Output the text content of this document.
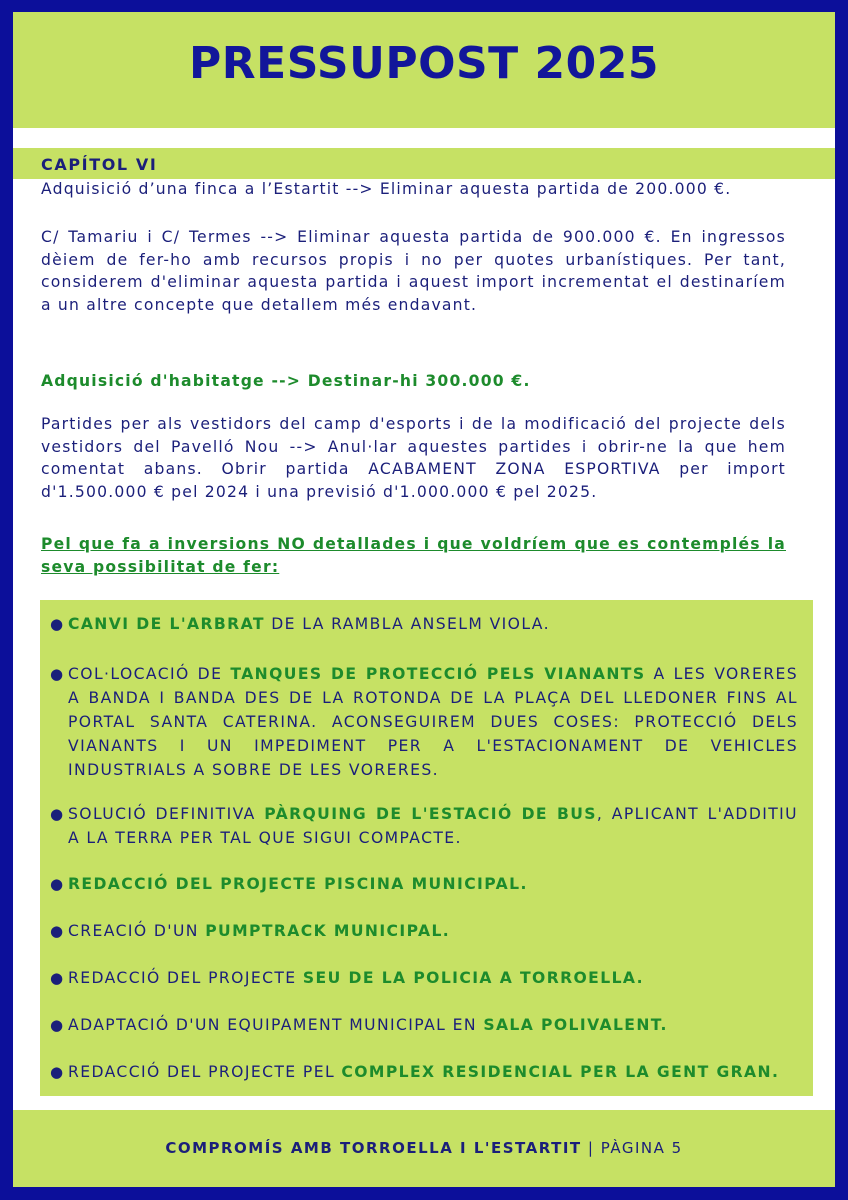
PRESSUPOST 2025
CAPÍTOL VI
Adquisició d’una finca a l’Estartit --> Eliminar aquesta partida de 200.000 €.
C/ Tamariu i C/ Termes --> Eliminar aquesta partida de 900.000 €. En ingressos dèiem de fer-ho amb recursos propis i no per quotes urbanístiques. Per tant, considerem d'eliminar aquesta partida i aquest import incrementat el destinaríem a un altre concepte que detallem més endavant.
Adquisició d'habitatge --> Destinar-hi 300.000 €.
Partides per als vestidors del camp d'esports i de la modificació del projecte dels vestidors del Pavelló Nou --> Anul·lar aquestes partides i obrir-ne la que hem comentat abans. Obrir partida ACABAMENT ZONA ESPORTIVA per import d'1.500.000 € pel 2024 i una previsió d'1.000.000 € pel 2025.
Pel que fa a inversions NO detallades i que voldríem que es contemplés la seva possibilitat de fer:
● CANVI DE L'ARBRAT DE LA RAMBLA ANSELM VIOLA.
● COL·LOCACIÓ DE TANQUES DE PROTECCIÓ PELS VIANANTS A LES VORERES A BANDA I BANDA DES DE LA ROTONDA DE LA PLAÇA DEL LLEDONER FINS AL PORTAL SANTA CATERINA. ACONSEGUIREM DUES COSES: PROTECCIÓ DELS VIANANTS I UN IMPEDIMENT PER A L'ESTACIONAMENT DE VEHICLES INDUSTRIALS A SOBRE DE LES VORERES.
● SOLUCIÓ DEFINITIVA PÀRQUING DE L'ESTACIÓ DE BUS, APLICANT L'ADDITIU A LA TERRA PER TAL QUE SIGUI COMPACTE.
● REDACCIÓ DEL PROJECTE PISCINA MUNICIPAL.
● CREACIÓ D'UN PUMPTRACK MUNICIPAL.
● REDACCIÓ DEL PROJECTE SEU DE LA POLICIA A TORROELLA.
● ADAPTACIÓ D'UN EQUIPAMENT MUNICIPAL EN SALA POLIVALENT.
● REDACCIÓ DEL PROJECTE PEL COMPLEX RESIDENCIAL PER LA GENT GRAN.
COMPROMÍS AMB TORROELLA I L'ESTARTIT | PÀGINA 5
